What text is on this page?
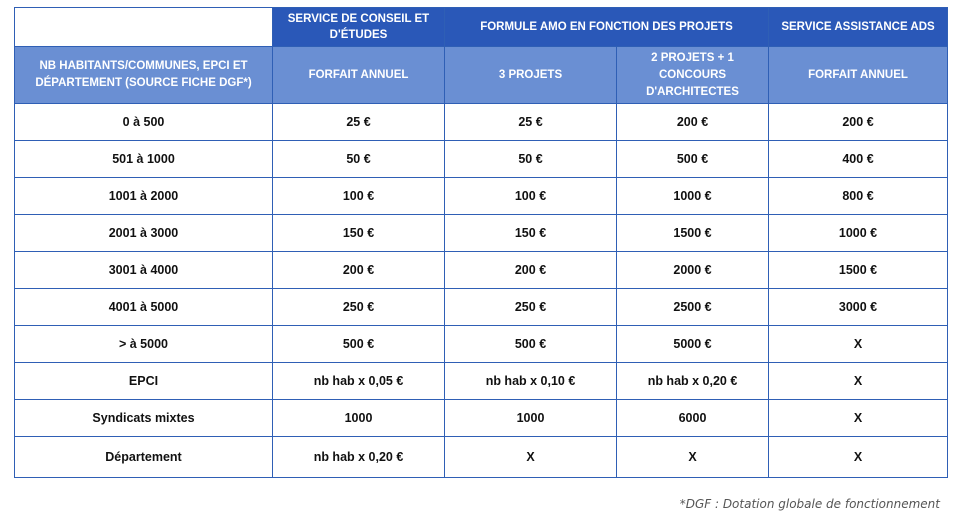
	SERVICE DE CONSEIL ET D'ÉTUDES	FORMULE AMO EN FONCTION DES PROJETS		SERVICE ASSISTANCE ADS
NB HABITANTS/COMMUNES, EPCI ET DÉPARTEMENT (SOURCE FICHE DGF*)	FORFAIT ANNUEL	3 PROJETS	2 PROJETS + 1 CONCOURS D'ARCHITECTES	FORFAIT ANNUEL
0 à 500	25 €	25 €	200 €	200 €
501 à 1000	50 €	50 €	500 €	400 €
1001 à 2000	100 €	100 €	1000 €	800 €
2001 à 3000	150 €	150 €	1500 €	1000 €
3001 à 4000	200 €	200 €	2000 €	1500 €
4001 à 5000	250 €	250 €	2500 €	3000 €
> à 5000	500 €	500 €	5000 €	X
EPCI	nb hab x 0,05 €	nb hab x 0,10 €	nb hab x 0,20 €	X
Syndicats mixtes	1000	1000	6000	X
Département	nb hab x 0,20 €	X	X	X
*DGF : Dotation globale de fonctionnement
